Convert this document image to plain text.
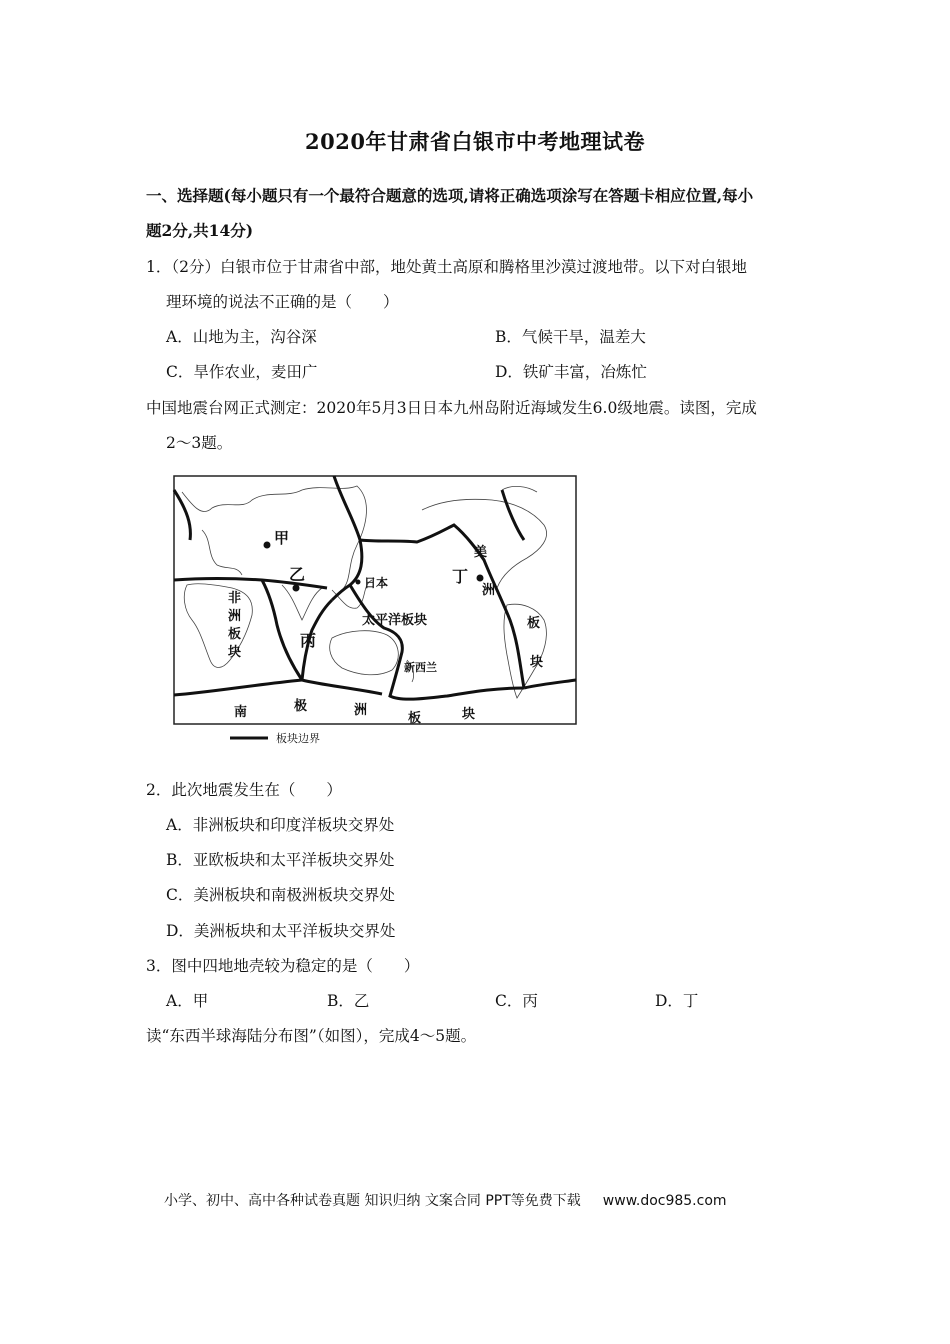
2020年甘肃省白银市中考地理试卷
一、选择题(每小题只有一个最符合题意的选项,请将正确选项涂写在答题卡相应位置,每小
题2分,共14分)
1．（2分）白银市位于甘肃省中部，地处黄土高原和腾格里沙漠过渡地带。以下对白银地
理环境的说法不正确的是（　　）
A．山地为主，沟谷深	B．气候干旱，温差大
C．旱作农业，麦田广	D．铁矿丰富，冶炼忙
中国地震台网正式测定：2020年5月3日日本九州岛附近海域发生6.0级地震。读图，完成
2～3题。
甲
乙
丙
丁
日本
太平洋板块
新西兰
非
洲
板
块
美
洲
板
块
南	极	洲
板	块
板块边界
2．此次地震发生在（　　）
A．非洲板块和印度洋板块交界处
B．亚欧板块和太平洋板块交界处
C．美洲板块和南极洲板块交界处
D．美洲板块和太平洋板块交界处
3．图中四地地壳较为稳定的是（　　）
A．甲	B．乙	C．丙	D．丁
读“东西半球海陆分布图”（如图），完成4～5题。
小学、初中、高中各种试卷真题 知识归纳 文案合同 PPT等免费下载 www.doc985.com
